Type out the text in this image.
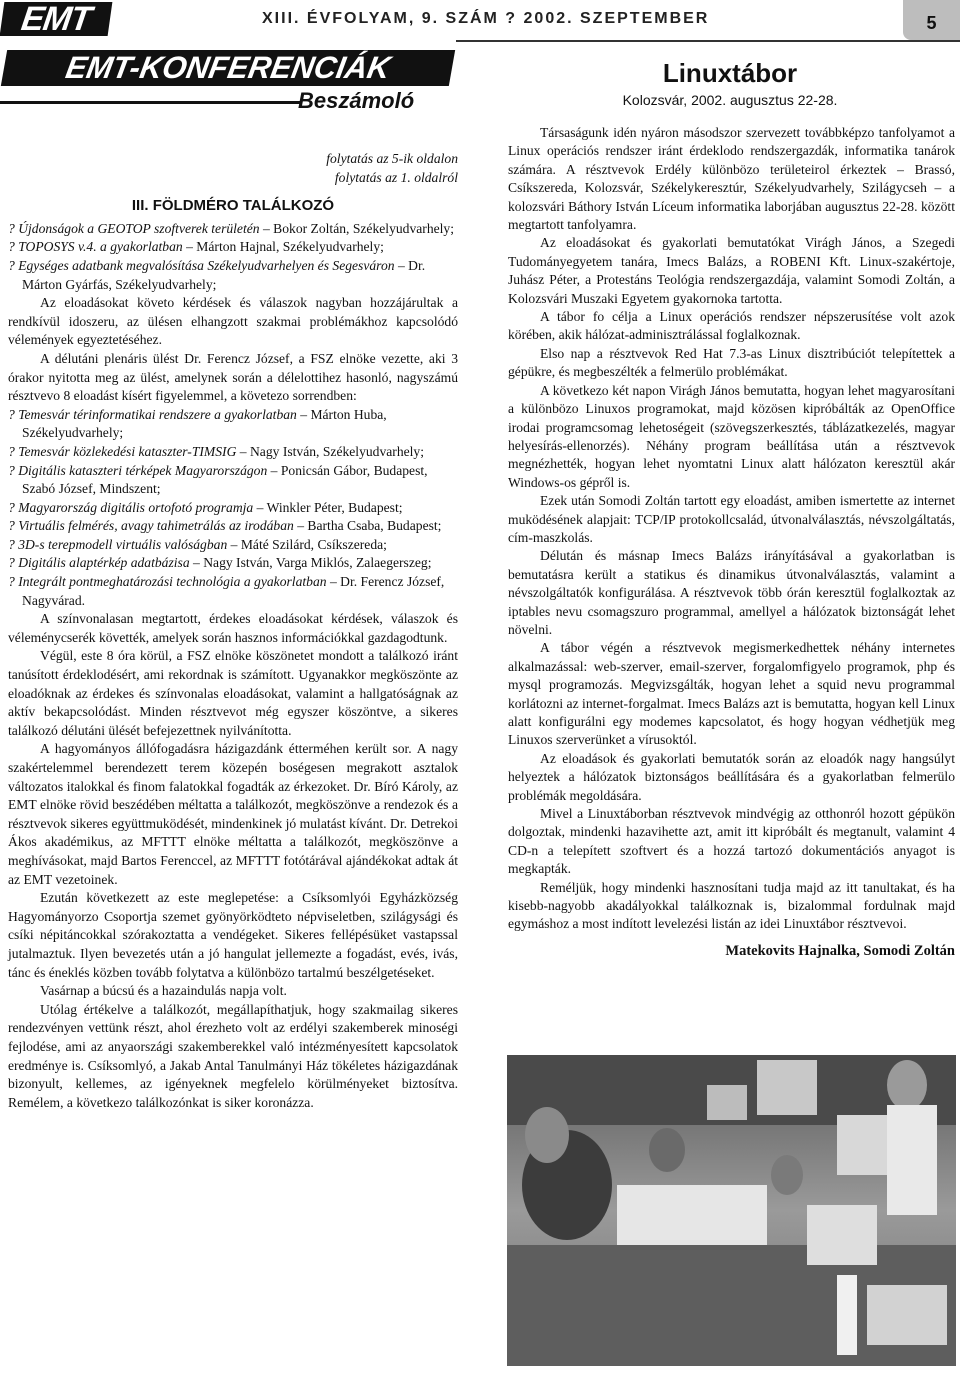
EMT	XIII. ÉVFOLYAM, 9. SZÁM ? 2002. SZEPTEMBER	5
EMT-KONFERENCIÁK
Beszámoló

folytatás az 5-ik oldalon

folytatás az 1. oldalról

III. FÖLDMÉRO TALÁLKOZÓ

? Újdonságok a GEOTOP szoftverek területén – Bokor Zoltán, Székelyudvarhely;

? TOPOSYS v.4. a gyakorlatban – Márton Hajnal, Székelyudvarhely;

? Egységes adatbank megvalósítása Székelyudvarhelyen és Segesváron – Dr. Márton Gyárfás, Székelyudvarhely;

Az eloadásokat követo kérdések és válaszok nagyban hozzájárultak a rendkívül idoszeru, az ülésen elhangzott szakmai problémákhoz kapcsolódó vélemények egyeztetéséhez.

A délutáni plenáris ülést Dr. Ferencz József, a FSZ elnöke vezette, aki 3 órakor nyitotta meg az ülést, amelynek során a délelottihez hasonló, nagyszámú résztvevo 8 eloadást kísért figyelemmel, a követezo sorrendben:

? Temesvár térinformatikai rendszere a gyakorlatban – Márton Huba, Székelyudvarhely;

? Temesvár közlekedési kataszter-TIMSIG – Nagy István, Székelyudvarhely;

? Digitális kataszteri térképek Magyarországon – Ponicsán Gábor, Budapest, Szabó József, Mindszent;

? Magyarország digitális ortofotó programja – Winkler Péter, Budapest;

? Virtuális felmérés, avagy tahimetrálás az irodában – Bartha Csaba, Budapest;

? 3D-s terepmodell virtuális valóságban – Máté Szilárd, Csíkszereda;

? Digitális alaptérkép adatbázisa – Nagy István, Varga Miklós, Zalaegerszeg;

? Integrált pontmeghatározási technológia a gyakorlatban – Dr. Ferencz József, Nagyvárad.

A színvonalasan megtartott, érdekes eloadásokat kérdések, válaszok és véleménycserék követték, amelyek során hasznos információkkal gazdagodtunk.

Végül, este 8 óra körül, a FSZ elnöke köszönetet mondott a találkozó iránt tanúsított érdeklodésért, ami rekordnak is számított. Ugyanakkor megköszönte az eloadóknak az érdekes és színvonalas eloadásokat, valamint a hallgatóságnak az aktív bekapcsolódást. Minden résztvevot még egyszer köszöntve, a sikeres találkozó délutáni ülését befejezettnek nyilvánította.

A hagyományos állófogadásra házigazdánk étterméhen került sor. A nagy szakértelemmel berendezett terem közepén boségesen megrakott asztalok változatos italokkal és finom falatokkal fogadták az érkezoket. Dr. Bíró Károly, az EMT elnöke rövid beszédében méltatta a találkozót, megköszönve a rendezok és a résztvevok sikeres együttmuködését, mindenkinek jó mulatást kívánt. Dr. Detrekoi Ákos akadémikus, az MFTTT elnöke méltatta a találkozót, megköszönve a meghívásokat, majd Bartos Ferenccel, az MFTTT fotótárával ajándékokat adtak át az EMT vezetoinek.

Ezután következett az este meglepetése: a Csíksomlyói Egyházközség Hagyományorzo Csoportja szemet gyönyörködteto népviseletben, szilágysági és csíki népitáncokkal szórakoztatta a vendégeket. Sikeres fellépésüket vastapssal jutalmaztuk. Ilyen bevezetés után a jó hangulat jellemezte a fogadást, evés, ivás, tánc és éneklés közben tovább folytatva a különbözo tartalmú beszélgetéseket.

Vasárnap a búcsú és a hazaindulás napja volt.

Utólag értékelve a találkozót, megállapíthatjuk, hogy szakmailag sikeres rendezvényen vettünk részt, ahol érezheto volt az erdélyi szakemberek minoségi fejlodése, ami az anyaországi szakemberekkel való intézményesített kapcsolatok eredménye is. Csíksomlyó, a Jakab Antal Tanulmányi Ház tökéletes házigazdának bizonyult, kellemes, az igényeknek megfelelo körülményeket biztosítva. Remélem, a következo találkozónkat is siker koronázza.

Linuxtábor
Kolozsvár, 2002. augusztus 22-28.

Társaságunk idén nyáron másodszor szervezett továbbképzo tanfolyamot a Linux operációs rendszer iránt érdeklodo rendszergazdák, informatika tanárok számára. A résztvevok Erdély különbözo területeirol érkeztek – Brassó, Csíkszereda, Kolozsvár, Székelykeresztúr, Székelyudvarhely, Szilágycseh – a kolozsvári Báthory István Líceum informatika laborjában augusztus 22-28. között megtartott tanfolyamra.

Az eloadásokat és gyakorlati bemutatókat Virágh János, a Szegedi Tudományegyetem tanára, Imecs Balázs, a ROBENI Kft. Linux-szakértoje, Juhász Péter, a Protestáns Teológia rendszergazdája, valamint Somodi Zoltán, a Kolozsvári Muszaki Egyetem gyakornoka tartotta.

A tábor fo célja a Linux operációs rendszer népszerusítése volt azok körében, akik hálózat-adminisztrálással foglalkoznak.

Elso nap a résztvevok Red Hat 7.3-as Linux disztribúciót telepítettek a gépükre, és megbeszélték a felmerülo problémákat.

A következo két napon Virágh János bemutatta, hogyan lehet magyarosítani a különbözo Linuxos programokat, majd közösen kipróbálták az OpenOffice irodai programcsomag lehetoségeit (szövegszerkesztés, táblázatkezelés, magyar helyesírás-ellenorzés). Néhány program beállítása után a résztvevok megnézhették, hogyan lehet nyomtatni Linux alatt hálózaton keresztül akár Windows-os gépről is.

Ezek után Somodi Zoltán tartott egy eloadást, amiben ismertette az internet muködésének alapjait: TCP/IP protokollcsalád, útvonalválasztás, névszolgáltatás, cím-maszkolás.

Délután és másnap Imecs Balázs irányításával a gyakorlatban is bemutatásra került a statikus és dinamikus útvonalválasztás, valamint a névszolgáltatók konfigurálása. A résztvevok több órán keresztül foglalkoztak az iptables nevu csomagszuro programmal, amellyel a hálózatok biztonságát lehet növelni.

A tábor végén a résztvevok megismerkedhettek néhány internetes alkalmazással: web-szerver, email-szerver, forgalomfigyelo programok, php és mysql programozás. Megvizsgálták, hogyan lehet a squid nevu programmal korlátozni az internet-forgalmat. Imecs Balázs azt is bemutatta, hogyan kell Linux alatt konfigurálni egy modemes kapcsolatot, és hogy hogyan védhetjük meg Linuxos szerverünket a vírusoktól.

Az eloadások és gyakorlati bemutatók során az eloadók nagy hangsúlyt helyeztek a hálózatok biztonságos beállítására és a gyakorlatban felmerülo problémák megoldására.

Mivel a Linuxtáborban résztvevok mindvégig az otthonról hozott gépükön dolgoztak, mindenki hazavihette azt, amit itt kipróbált és megtanult, valamint 4 CD-n a telepített szoftvert és a hozzá tartozó dokumentációs anyagot is megkapták.

Reméljük, hogy mindenki hasznosítani tudja majd az itt tanultakat, és ha kisebb-nagyobb akadályokkal találkoznak is, bizalommal fordulnak majd egymáshoz a most indított levelezési listán az idei Linuxtábor résztvevoi.

Matekovits Hajnalka, Somodi Zoltán
